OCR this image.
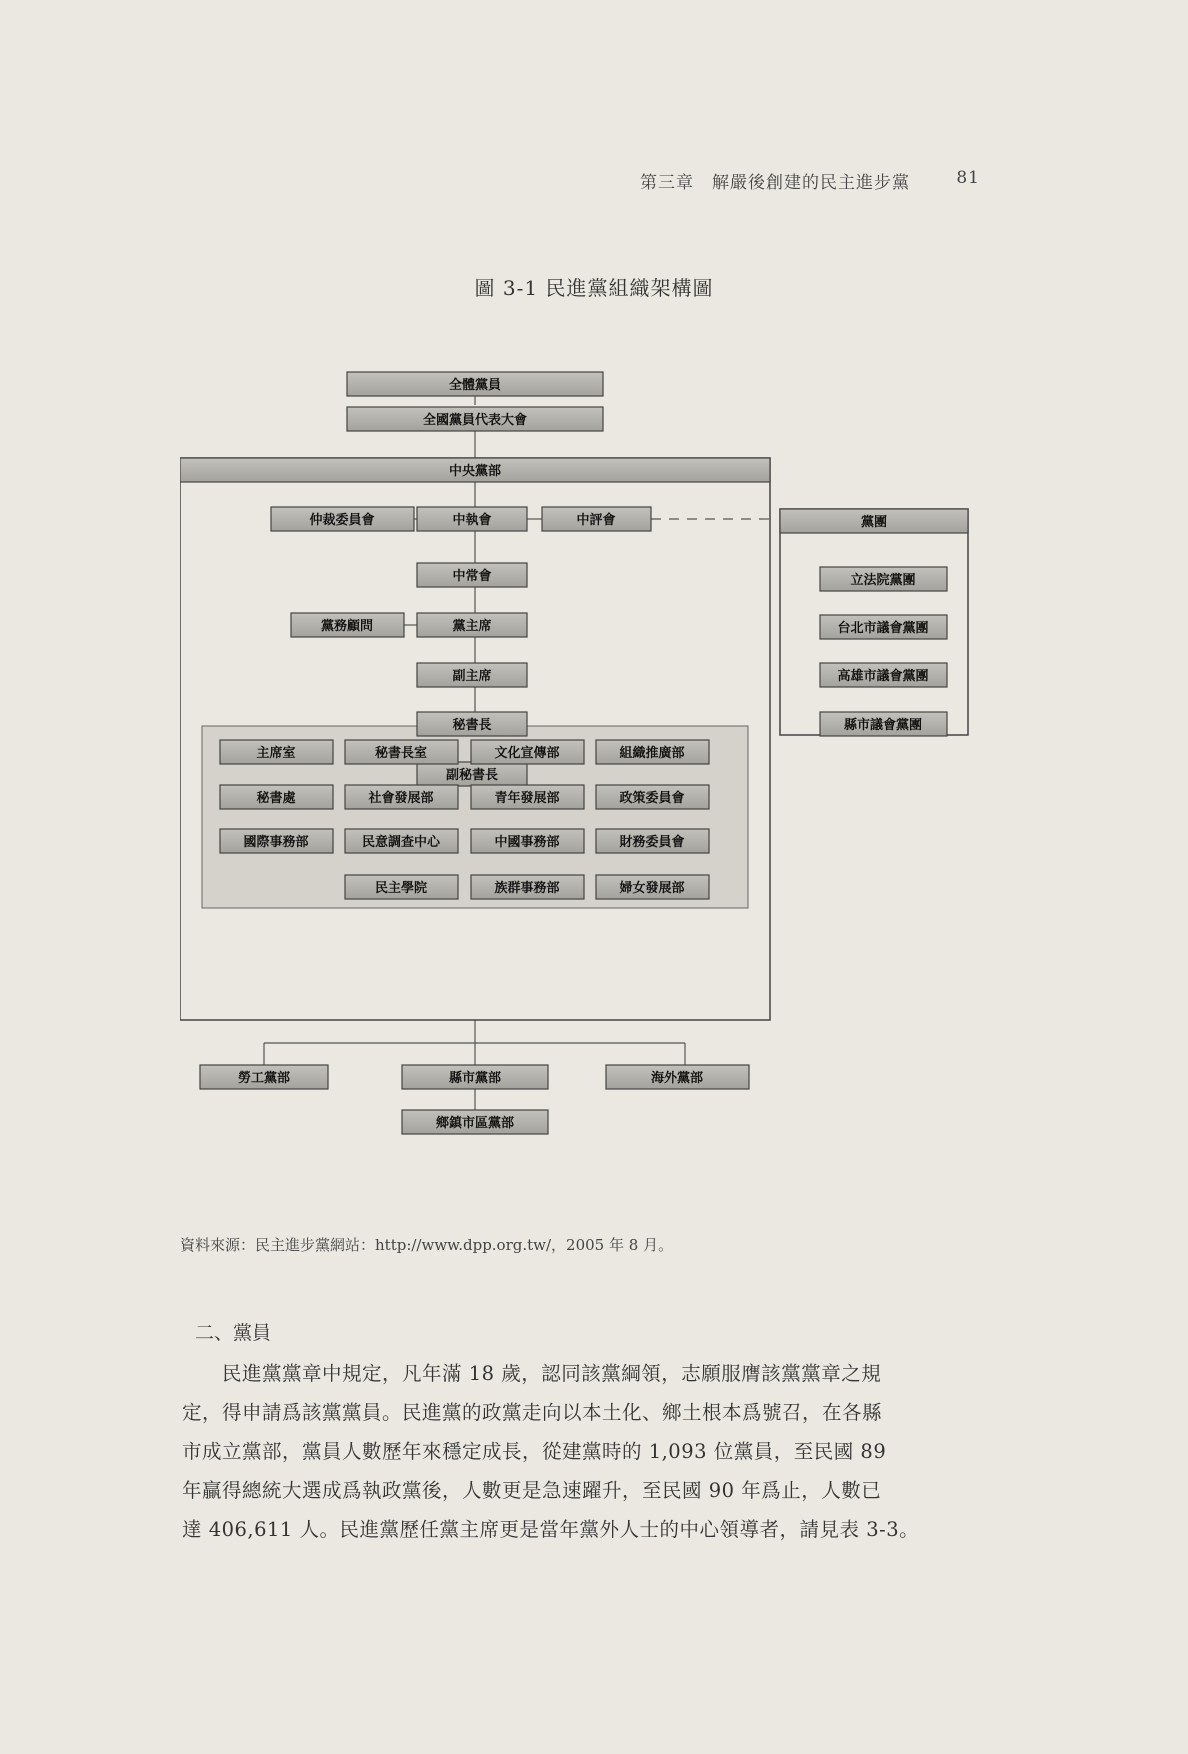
第三章　解嚴後創建的民主進步黨	81
圖 3-1 民進黨組織架構圖
中央黨部
黨團
全體黨員
全國黨員代表大會
仲裁委員會	中執會	中評會
中常會
黨務顧問	黨主席
副主席
秘書長
副秘書長
主席室	秘書長室	文化宣傳部	組織推廣部
秘書處	社會發展部	青年發展部	政策委員會
國際事務部	民意調查中心	中國事務部	財務委員會
民主學院	族群事務部	婦女發展部
立法院黨團
台北市議會黨團
高雄市議會黨團
縣市議會黨團
勞工黨部	縣市黨部	海外黨部
鄉鎮市區黨部
資料來源：民主進步黨網站：http://www.dpp.org.tw/，2005 年 8 月。
二、黨員
民進黨黨章中規定，凡年滿 18 歲，認同該黨綱領，志願服膺該黨黨章之規
定，得申請爲該黨黨員。民進黨的政黨走向以本土化、鄉土根本爲號召，在各縣
市成立黨部，黨員人數歷年來穩定成長，從建黨時的 1,093 位黨員，至民國 89
年贏得總統大選成爲執政黨後，人數更是急速躍升，至民國 90 年爲止，人數已
達 406,611 人。民進黨歷任黨主席更是當年黨外人士的中心領導者，請見表 3-3。
